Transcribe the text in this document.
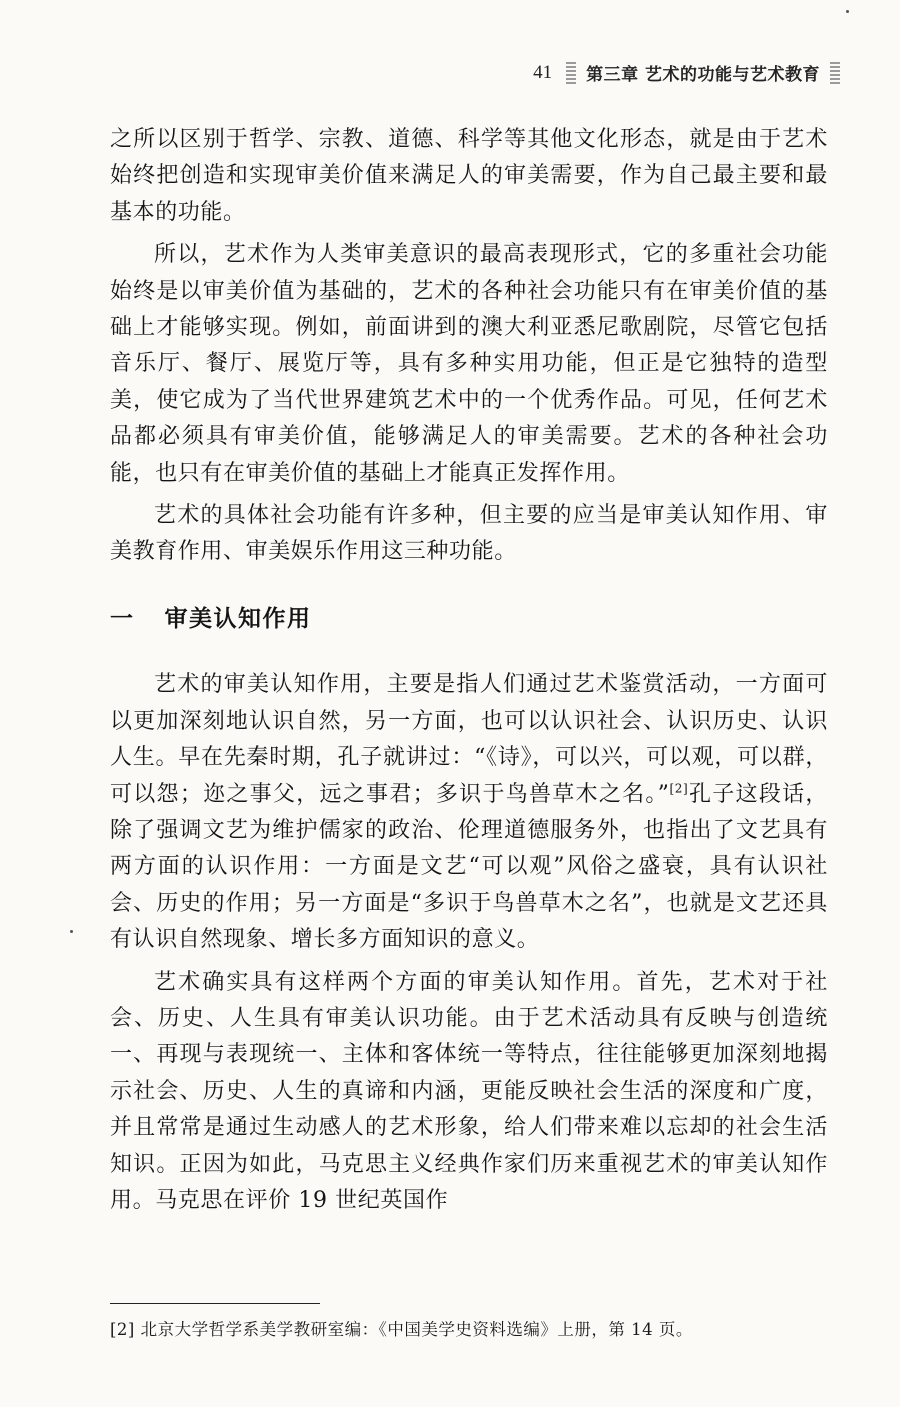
41 第三章 艺术的功能与艺术教育

之所以区别于哲学、宗教、道德、科学等其他文化形态，就是由于艺术始终把创造和实现审美价值来满足人的审美需要，作为自己最主要和最基本的功能。

所以，艺术作为人类审美意识的最高表现形式，它的多重社会功能始终是以审美价值为基础的，艺术的各种社会功能只有在审美价值的基础上才能够实现。例如，前面讲到的澳大利亚悉尼歌剧院，尽管它包括音乐厅、餐厅、展览厅等，具有多种实用功能，但正是它独特的造型美，使它成为了当代世界建筑艺术中的一个优秀作品。可见，任何艺术品都必须具有审美价值，能够满足人的审美需要。艺术的各种社会功能，也只有在审美价值的基础上才能真正发挥作用。

艺术的具体社会功能有许多种，但主要的应当是审美认知作用、审美教育作用、审美娱乐作用这三种功能。

一 审美认知作用

艺术的审美认知作用，主要是指人们通过艺术鉴赏活动，一方面可以更加深刻地认识自然，另一方面，也可以认识社会、认识历史、认识人生。早在先秦时期，孔子就讲过：“《诗》，可以兴，可以观，可以群，可以怨；迩之事父，远之事君；多识于鸟兽草木之名。”[2]孔子这段话，除了强调文艺为维护儒家的政治、伦理道德服务外，也指出了文艺具有两方面的认识作用：一方面是文艺“可以观”风俗之盛衰，具有认识社会、历史的作用；另一方面是“多识于鸟兽草木之名”，也就是文艺还具有认识自然现象、增长多方面知识的意义。

艺术确实具有这样两个方面的审美认知作用。首先，艺术对于社会、历史、人生具有审美认识功能。由于艺术活动具有反映与创造统一、再现与表现统一、主体和客体统一等特点，往往能够更加深刻地揭示社会、历史、人生的真谛和内涵，更能反映社会生活的深度和广度，并且常常是通过生动感人的艺术形象，给人们带来难以忘却的社会生活知识。正因为如此，马克思主义经典作家们历来重视艺术的审美认知作用。马克思在评价 19 世纪英国作

[2] 北京大学哲学系美学教研室编：《中国美学史资料选编》上册，第 14 页。
